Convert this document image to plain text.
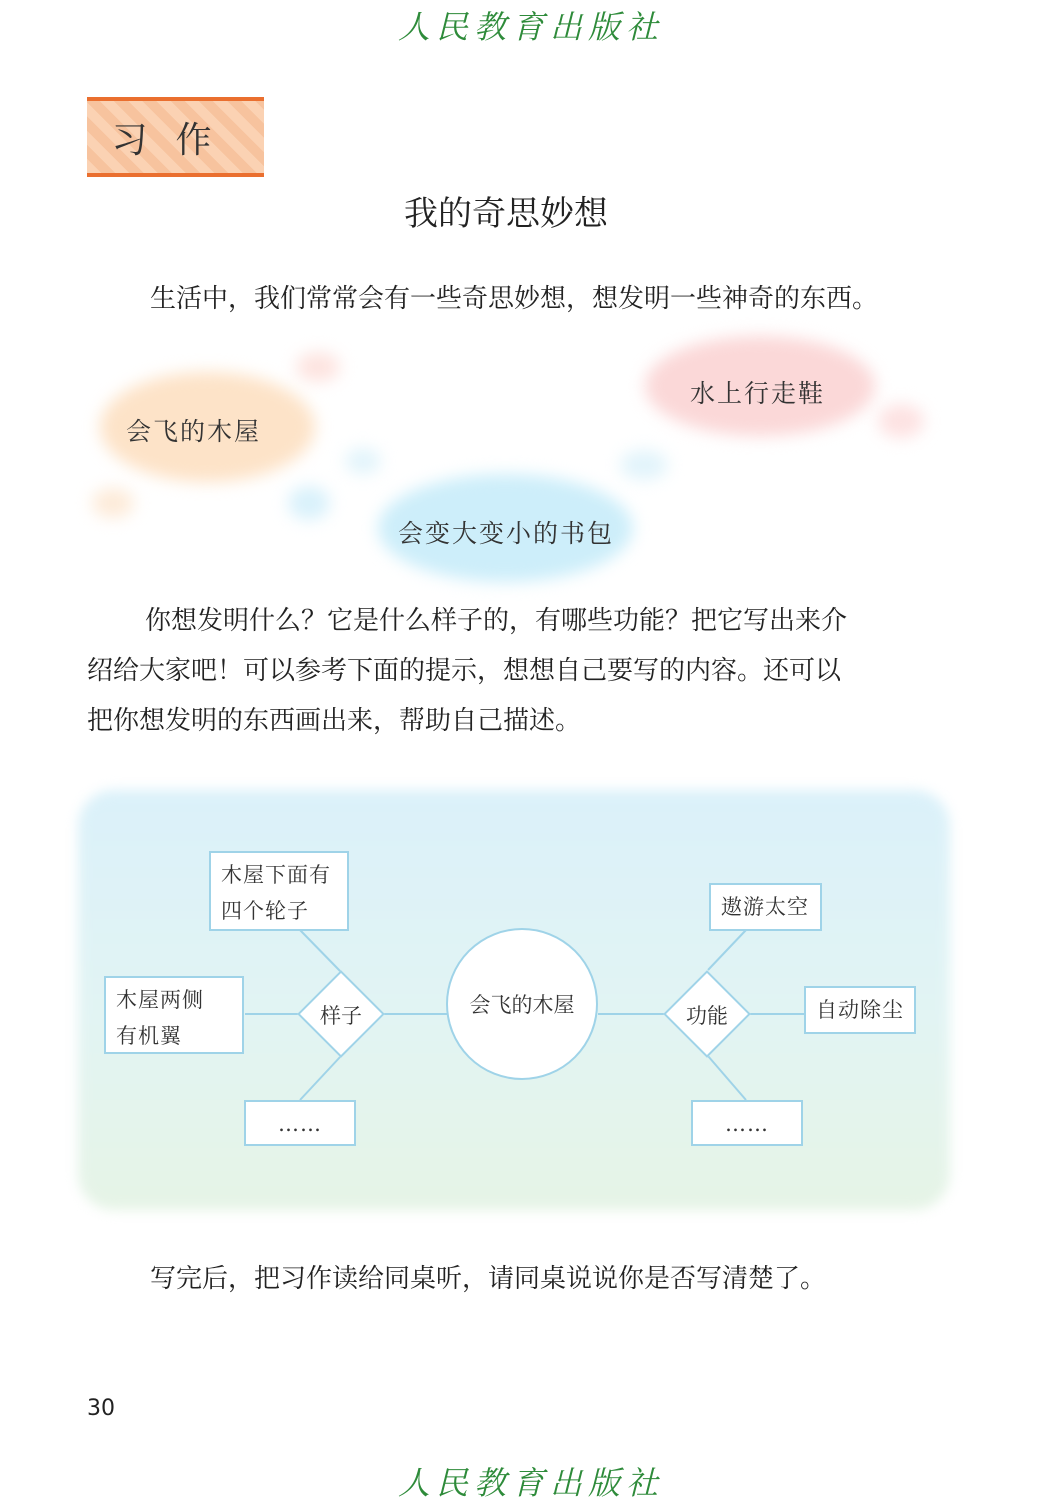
人民教育出版社
习作
我的奇思妙想
生活中，我们常常会有一些奇思妙想，想发明一些神奇的东西。
会飞的木屋
水上行走鞋
会变大变小的书包
你想发明什么？它是什么样子的，有哪些功能？把它写出来介
绍给大家吧！可以参考下面的提示，想想自己要写的内容。还可以
把你想发明的东西画出来，帮助自己描述。
木屋下面有
四个轮子
木屋两侧
有机翼
……
样子	会飞的木屋	功能
遨游太空
自动除尘
……
写完后，把习作读给同桌听，请同桌说说你是否写清楚了。
30
人民教育出版社
